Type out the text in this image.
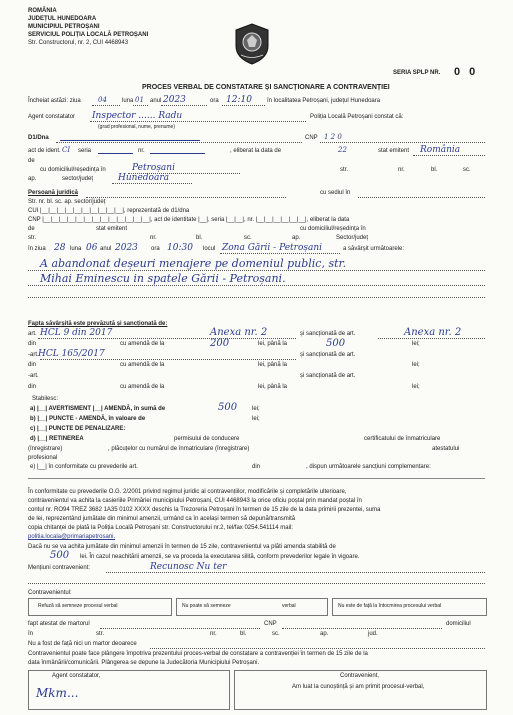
ROMÂNIA
JUDEȚUL HUNEDOARA
MUNICIPIUL PETROȘANI
SERVICIUL POLIȚIA LOCALĂ PETROȘANI
Str. Constructorul, nr. 2, CUI 4468943
SERIA SPLP NR. 0 0
PROCES VERBAL DE CONSTATARE ȘI SANCȚIONARE A CONTRAVENȚIEI
Încheiat astăzi: ziua 04	luna 01 anul 2023	ora 12:10	în localitatea Petroșani, județul Hunedoara
Agent constatator Inspector ...... Radu	Poliția Locală Petroșani constat că:
(grad profesional, nume, prenume)
D1/Dna	CNP 1 2 0
act de ident. CI seria	nr.	, eliberat la data de
de
22	stat emitent România
cu domiciliul/reședința în	Petroșani	str.	nr.	bl.	sc.
ap.	sector/județ	Hunedoara
Persoană juridică	cu sediul în
Str. nr. bl. sc. ap. sector/județ
CUI |__|__|__|__|__|__|__|__|__|__|, reprezentată de d1/dna
CNP |__|__|__|__|__|__|__|__|__|__|__|__|__|, act de identitate |__|, seria |__|__|, nr. |__|__|__|__|__|__|, eliberat la data
de	stat emitent	cu domiciliul/reședința în
str.	nr.	bl.	sc.	ap.	Sector/județ
în ziua 28 luna 06 anul 2023 ora 10:30 locul Zona Gării - Petroșani	a săvârșit următoarele:
A abandonat deșeuri menajere pe domeniul public, str.
Mihai Eminescu in spatele Gării - Petroșani.
Fapta săvârșită este prevăzută și sancționată de:
art. HCL 9 din 2017	Anexa nr. 2	și sancționată de art.	Anexa nr. 2
din	cu amendă de la	200	lei, până la	500	lei;
-art. HCL 165/2017	și sancționată de art.
din	cu amendă de la	lei, până la	lei;
-art.	și sancționată de art.
din	cu amendă de la	lei, până la	lei;
Stabilesc:
a) |__| AVERTISMENT |__| AMENDĂ, în sumă de	500 lei;
b) |__| PUNCTE - AMENDĂ, în valoare de	lei;
c) |__| PUNCTE DE PENALIZARE:
d) |__| RETINEREA	permisului de conducere	certificatului de înmatriculare
(înregistrare)	, plăcuțelor cu numărul de înmatriculare (înregistrare)	atestatului
profesional
e) |__| în conformitate cu prevederile art.	din	, dispun următoarele sancțiuni complementare:
În conformitate cu prevederile O.G. 2/2001 privind regimul juridic al contravențiilor, modificările și completările ulterioare,
contravenientul va achita la casieriile Primăriei municipiului Petroșani, CUI 4468943 la orice oficiu poștal prin mandat poștal în
contul nr. RO94 TREZ 3682 1A35 0102 XXXX deschis la Trezoreria Petroșani în termen de 15 zile de la data primirii prezentei, suma
de lei, reprezentând jumătate din minimul amenzii, urmând ca în același termen să depună/transmită
copia chitanței de plată la Poliția Locală Petroșani str. Constructorului nr.2, tel/fax 0254.541114 mail:
politia.locala@primariapetrosani.
Dacă nu se va achita jumătate din minimul amenzii în termen de 15 zile, contravenientul va plăti amenda stabilită de
500 lei. În cazul neachitării amenzii, se va proceda la executarea silită, conform prevederilor legale în vigoare.
Mențiuni contravenient:	Recunosc Nu ter
Contravenientul:
Refuză să semneze procesul verbal	Nu poate să semneze	verbal	Nu este de față la întocmirea procesului verbal
fapt atestat de martorul	CNP	domiciliul
în	str.	nr.	bl.	sc.	ap.	jud.
Nu a fost de față nici un martor deoarece
Contravenientul poate face plângere împotriva prezentului proces-verbal de constatare a contravenției în termen de 15 zile de la
data înmânării/comunicării. Plângerea se depune la Judecătoria Municipiului Petroșani.
Agent constatator,
Mkm...
Contravenient,
Am luat la cunoștință și am primit procesul-verbal,
